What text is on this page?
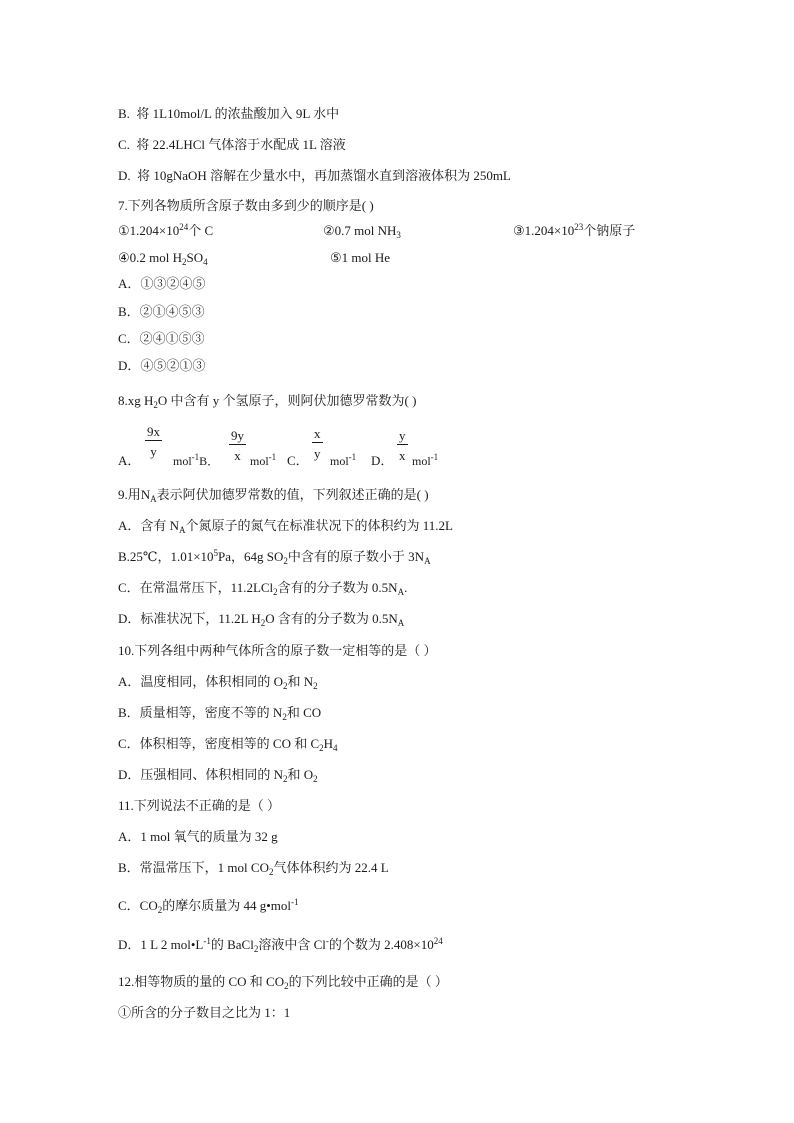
B. 将 1L10mol/L 的浓盐酸加入 9L 水中
C. 将 22.4LHCl 气体溶于水配成 1L 溶液
D. 将 10gNaOH 溶解在少量水中，再加蒸馏水直到溶液体积为 250mL
7.下列各物质所含原子数由多到少的顺序是( )
$①1.204\times 10^{24}$个 C	②0.7 mol $NH_3$	$③1.204\times 10^{23}$个钠原子
④0.2 mol $H_2SO_4$	⑤1 mol He
A．①③②④⑤
B．②①④⑤③
C．②④①⑤③
D．④⑤②①③
8.xg $H_2O$ 中含有 y 个氢原子，则阿伏加德罗常数为( )
A．
$\frac{9x}{y}$
mol$^{-1}$B． $\frac{9y}{x} mol^{-1}$ C． $\frac{x}{y} mol^{-1}$ D． $\frac{y}{x} mol^{-1}$
9.用$N_A$表示阿伏加德罗常数的值，下列叙述正确的是( )
A．含有 $N_A$个氮原子的氮气在标准状况下的体积约为 11.2L
B.25℃，$1.01\times 10^5Pa$，64g $SO_2$中含有的原子数小于 $3N_A$
C．在常温常压下，11.2LCl$_2$含有的分子数为 $0.5N_A$.
D．标准状况下，11.2L $H_2O$ 含有的分子数为 $0.5N_A$
10.下列各组中两种气体所含的原子数一定相等的是（ ）
A．温度相同，体积相同的 $O_2$和 $N_2$
B．质量相等，密度不等的 $N_2$和 CO
C．体积相等，密度相等的 CO 和 $C_2H_4$
D．压强相同、体积相同的 $N_2$和 $O_2$
11.下列说法不正确的是（ ）
A．1 mol 氧气的质量为 32 g
B．常温常压下，1 mol $CO_2$气体体积约为 22.4 L
C．$CO_2$的摩尔质量为 44 g•mol$^{-1}$
D．1 L 2 $mol•L^{-1}$的 BaCl$_2$溶液中含 Cl-的个数为 $2.408\times 10^{24}$
12.相等物质的量的 CO 和 $CO_2$的下列比较中正确的是（ ）
①所含的分子数目之比为 1：1
